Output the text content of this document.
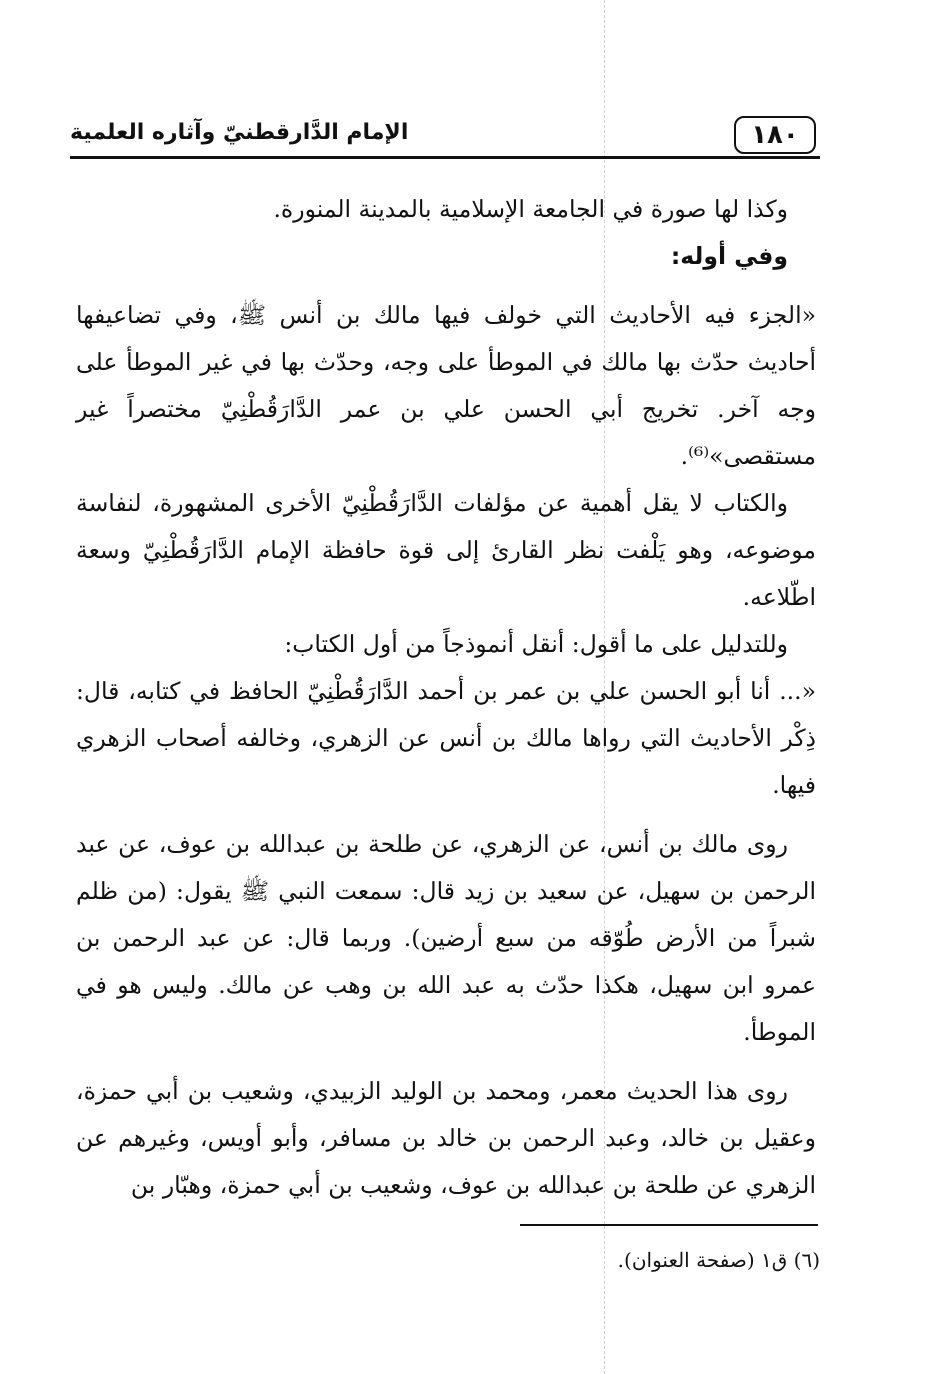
١٨٠
الإمام الدَّارقطنيّ وآثاره العلمية

وكذا لها صورة في الجامعة الإسلامية بالمدينة المنورة.

وفي أوله:

«الجزء فيه الأحاديث التي خولف فيها مالك بن أنس ﷺ، وفي تضاعيفها أحاديث حدّث بها مالك في الموطأ على وجه، وحدّث بها في غير الموطأ على وجه آخر. تخريج أبي الحسن علي بن عمر الدَّارَقُطْنِيّ مختصراً غير مستقصى»⁽⁶⁾.

والكتاب لا يقل أهمية عن مؤلفات الدَّارَقُطْنِيّ الأخرى المشهورة، لنفاسة موضوعه، وهو يَلْفت نظر القارئ إلى قوة حافظة الإمام الدَّارَقُطْنِيّ وسعة اطّلاعه.

وللتدليل على ما أقول: أنقل أنموذجاً من أول الكتاب:

«... أنا أبو الحسن علي بن عمر بن أحمد الدَّارَقُطْنِيّ الحافظ في كتابه، قال: ذِكْر الأحاديث التي رواها مالك بن أنس عن الزهري، وخالفه أصحاب الزهري فيها.

روى مالك بن أنس، عن الزهري، عن طلحة بن عبدالله بن عوف، عن عبد الرحمن بن سهيل، عن سعيد بن زيد قال: سمعت النبي ﷺ يقول: (من ظلم شبراً من الأرض طُوّقه من سبع أرضين). وربما قال: عن عبد الرحمن بن عمرو ابن سهيل، هكذا حدّث به عبد الله بن وهب عن مالك. وليس هو في الموطأ.

روى هذا الحديث معمر، ومحمد بن الوليد الزبيدي، وشعيب بن أبي حمزة، وعقيل بن خالد، وعبد الرحمن بن خالد بن مسافر، وأبو أويس، وغيرهم عن الزهري عن طلحة بن عبدالله بن عوف، وشعيب بن أبي حمزة، وهبّار بن

(٦) ق١ (صفحة العنوان).
